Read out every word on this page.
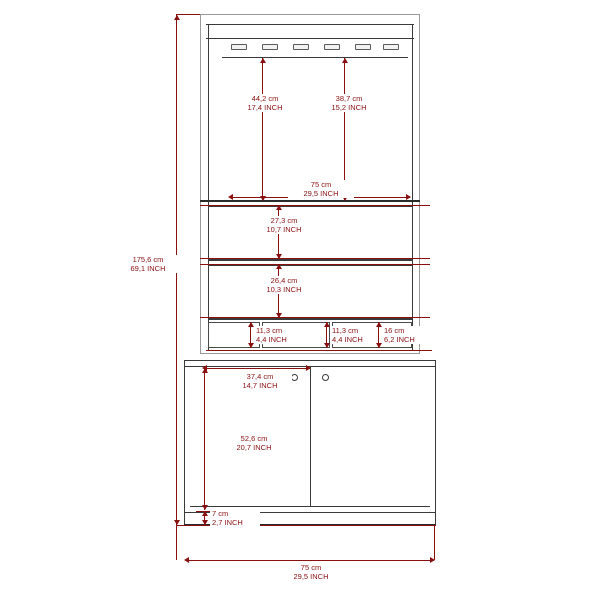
175,6 cm
69,1 INCH
44,2 cm
17,4 INCH
38,7 cm
15,2 INCH
75 cm
29,5 INCH
27,3 cm
10,7 INCH
26,4 cm
10,3 INCH
11,3 cm
4,4 INCH
11,3 cm
4,4 INCH
16 cm
6,2 INCH
37,4 cm
14,7 INCH
52,6 cm
20,7 INCH
7 cm
2,7 INCH
75 cm
29,5 INCH
